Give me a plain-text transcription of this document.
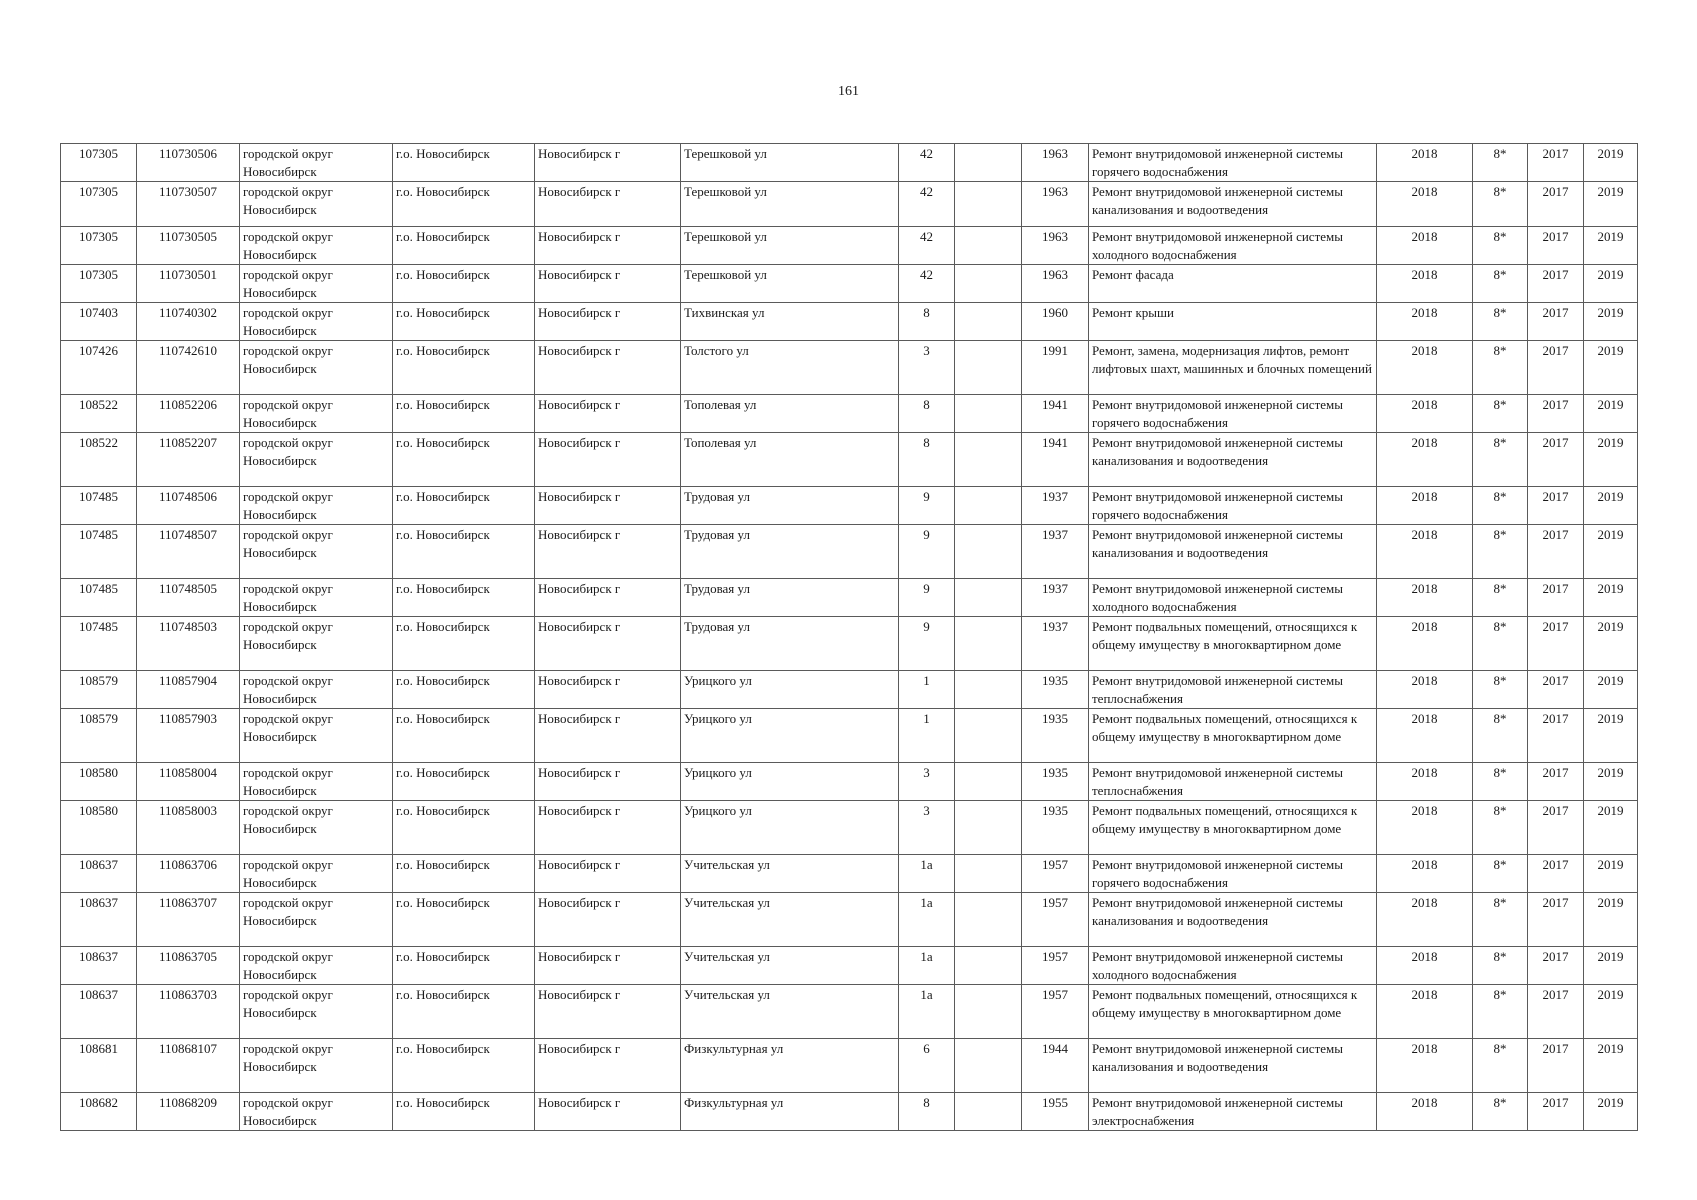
161
107305	110730506	городской округ Новосибирск	г.о. Новосибирск	Новосибирск г	Терешковой ул	42		1963	Ремонт внутридомовой инженерной системы горячего водоснабжения	2018	8*	2017	2019
107305	110730507	городской округ Новосибирск	г.о. Новосибирск	Новосибирск г	Терешковой ул	42		1963	Ремонт внутридомовой инженерной системы канализования и водоотведения	2018	8*	2017	2019
107305	110730505	городской округ Новосибирск	г.о. Новосибирск	Новосибирск г	Терешковой ул	42		1963	Ремонт внутридомовой инженерной системы холодного водоснабжения	2018	8*	2017	2019
107305	110730501	городской округ Новосибирск	г.о. Новосибирск	Новосибирск г	Терешковой ул	42		1963	Ремонт фасада	2018	8*	2017	2019
107403	110740302	городской округ Новосибирск	г.о. Новосибирск	Новосибирск г	Тихвинская ул	8		1960	Ремонт крыши	2018	8*	2017	2019
107426	110742610	городской округ Новосибирск	г.о. Новосибирск	Новосибирск г	Толстого ул	3		1991	Ремонт, замена, модернизация лифтов, ремонт лифтовых шахт, машинных и блочных помещений	2018	8*	2017	2019
108522	110852206	городской округ Новосибирск	г.о. Новосибирск	Новосибирск г	Тополевая ул	8		1941	Ремонт внутридомовой инженерной системы горячего водоснабжения	2018	8*	2017	2019
108522	110852207	городской округ Новосибирск	г.о. Новосибирск	Новосибирск г	Тополевая ул	8		1941	Ремонт внутридомовой инженерной системы канализования и водоотведения	2018	8*	2017	2019
107485	110748506	городской округ Новосибирск	г.о. Новосибирск	Новосибирск г	Трудовая ул	9		1937	Ремонт внутридомовой инженерной системы горячего водоснабжения	2018	8*	2017	2019
107485	110748507	городской округ Новосибирск	г.о. Новосибирск	Новосибирск г	Трудовая ул	9		1937	Ремонт внутридомовой инженерной системы канализования и водоотведения	2018	8*	2017	2019
107485	110748505	городской округ Новосибирск	г.о. Новосибирск	Новосибирск г	Трудовая ул	9		1937	Ремонт внутридомовой инженерной системы холодного водоснабжения	2018	8*	2017	2019
107485	110748503	городской округ Новосибирск	г.о. Новосибирск	Новосибирск г	Трудовая ул	9		1937	Ремонт подвальных помещений, относящихся к общему имуществу в многоквартирном доме	2018	8*	2017	2019
108579	110857904	городской округ Новосибирск	г.о. Новосибирск	Новосибирск г	Урицкого ул	1		1935	Ремонт внутридомовой инженерной системы теплоснабжения	2018	8*	2017	2019
108579	110857903	городской округ Новосибирск	г.о. Новосибирск	Новосибирск г	Урицкого ул	1		1935	Ремонт подвальных помещений, относящихся к общему имуществу в многоквартирном доме	2018	8*	2017	2019
108580	110858004	городской округ Новосибирск	г.о. Новосибирск	Новосибирск г	Урицкого ул	3		1935	Ремонт внутридомовой инженерной системы теплоснабжения	2018	8*	2017	2019
108580	110858003	городской округ Новосибирск	г.о. Новосибирск	Новосибирск г	Урицкого ул	3		1935	Ремонт подвальных помещений, относящихся к общему имуществу в многоквартирном доме	2018	8*	2017	2019
108637	110863706	городской округ Новосибирск	г.о. Новосибирск	Новосибирск г	Учительская ул	1а		1957	Ремонт внутридомовой инженерной системы горячего водоснабжения	2018	8*	2017	2019
108637	110863707	городской округ Новосибирск	г.о. Новосибирск	Новосибирск г	Учительская ул	1а		1957	Ремонт внутридомовой инженерной системы канализования и водоотведения	2018	8*	2017	2019
108637	110863705	городской округ Новосибирск	г.о. Новосибирск	Новосибирск г	Учительская ул	1а		1957	Ремонт внутридомовой инженерной системы холодного водоснабжения	2018	8*	2017	2019
108637	110863703	городской округ Новосибирск	г.о. Новосибирск	Новосибирск г	Учительская ул	1а		1957	Ремонт подвальных помещений, относящихся к общему имуществу в многоквартирном доме	2018	8*	2017	2019
108681	110868107	городской округ Новосибирск	г.о. Новосибирск	Новосибирск г	Физкультурная ул	6		1944	Ремонт внутридомовой инженерной системы канализования и водоотведения	2018	8*	2017	2019
108682	110868209	городской округ Новосибирск	г.о. Новосибирск	Новосибирск г	Физкультурная ул	8		1955	Ремонт внутридомовой инженерной системы электроснабжения	2018	8*	2017	2019
